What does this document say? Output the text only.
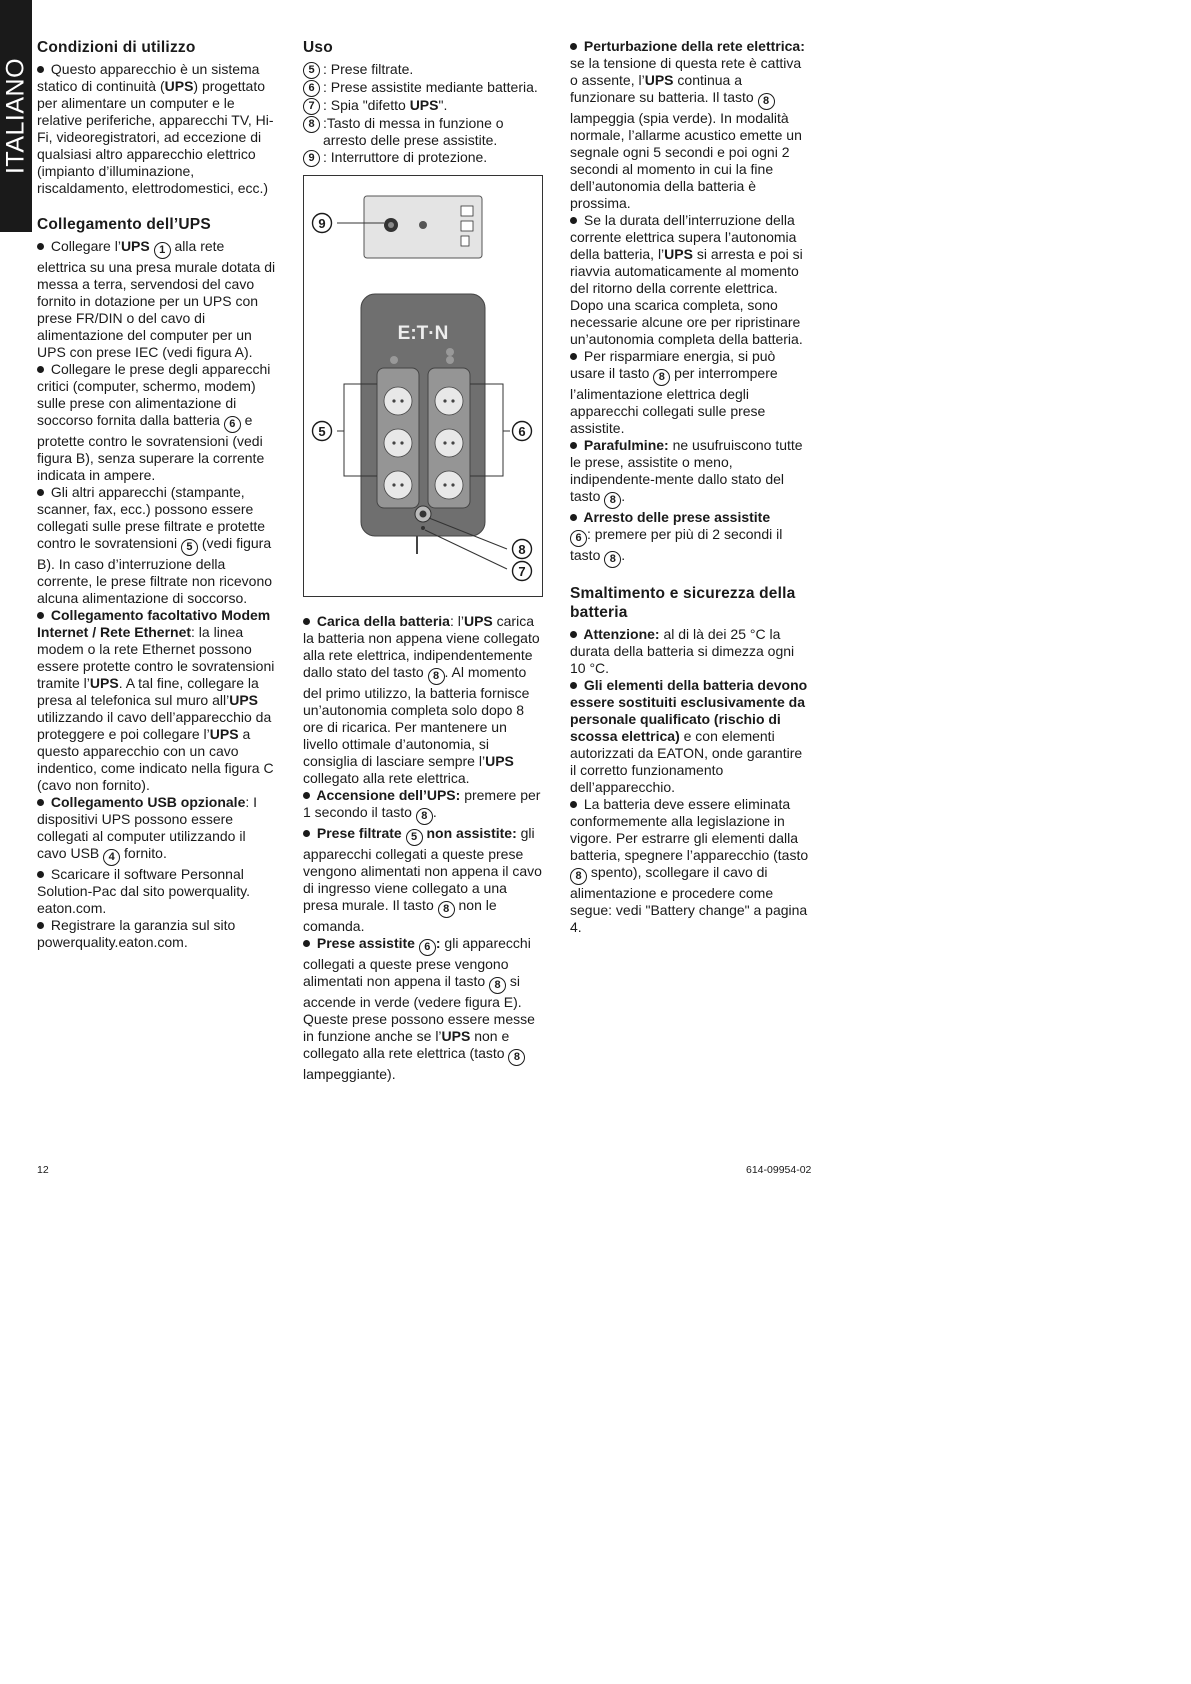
ITALIANO
Condizioni di utilizzo

Questo apparecchio è un sistema statico di continuità (UPS) progettato per alimentare un computer e le relative periferiche, apparecchi TV, Hi-Fi, videoregistratori, ad eccezione di qualsiasi altro apparecchio elettrico (impianto d’illuminazione, riscaldamento, elettrodomestici, ecc.)

Collegamento dell’UPS

Collegare l’UPS 1 alla rete elettrica su una presa murale dotata di messa a terra, servendosi del cavo fornito in dotazione per un UPS con prese FR/DIN o del cavo di alimentazione del computer per un UPS con prese IEC (vedi figura A).

Collegare le prese degli apparecchi critici (computer, schermo, modem) sulle prese con alimentazione di soccorso fornita dalla batteria 6 e protette contro le sovratensioni (vedi figura B), senza superare la corrente indicata in ampere.

Gli altri apparecchi (stampante, scanner, fax, ecc.) possono essere collegati sulle prese filtrate e protette contro le sovratensioni 5 (vedi figura B). In caso d’interruzione della corrente, le prese filtrate non ricevono alcuna alimentazione di soccorso.

Collegamento facoltativo Modem Internet / Rete Ethernet: la linea modem o la rete Ethernet possono essere protette contro le sovratensioni tramite l’UPS. A tal fine, collegare la presa al telefonica sul muro all’UPS utilizzando il cavo dell’apparecchio da proteggere e poi collegare l’UPS a questo apparecchio con un cavo indentico, come indicato nella figura C (cavo non fornito).

Collegamento USB opzionale: I dispositivi UPS possono essere collegati al computer utilizzando il cavo USB 4 fornito.

Scaricare il software Personnal Solution-Pac dal sito powerquality. eaton.com.

Registrare la garanzia sul sito powerquality.eaton.com.

Uso
5 : Prese filtrate.
6 : Prese assistite mediante batteria.
7 : Spia "difetto UPS".
8 :Tasto di messa in funzione o arresto delle prese assistite.
9 : Interruttore di protezione.
E:T·N
9
5	6
8
7

Carica della batteria: l’UPS carica la batteria non appena viene collegato alla rete elettrica, indipendentemente dallo stato del tasto 8 . Al momento del primo utilizzo, la batteria fornisce un’autonomia completa solo dopo 8 ore di ricarica. Per mantenere un livello ottimale d’autonomia, si consiglia di lasciare sempre l’UPS collegato alla rete elettrica.

Accensione dell’UPS: premere per 1 secondo il tasto 8 .

Prese filtrate 5 non assistite: gli apparecchi collegati a queste prese vengono alimentati non appena il cavo di ingresso viene collegato a una presa murale. Il tasto 8 non le comanda.

Prese assistite 6 : gli apparecchi collegati a queste prese vengono alimentati non appena il tasto 8 si accende in verde (vedere figura E). Queste prese possono essere messe in funzione anche se l’UPS non e collegato alla rete elettrica (tasto 8 lampeggiante).

Perturbazione della rete elettrica: se la tensione di questa rete è cattiva o assente, l’UPS continua a funzionare su batteria. Il tasto 8 lampeggia (spia verde). In modalità normale, l’allarme acustico emette un segnale ogni 5 secondi e poi ogni 2 secondi al momento in cui la fine dell’autonomia della batteria è prossima.

Se la durata dell’interruzione della corrente elettrica supera l’autonomia della batteria, l’UPS si arresta e poi si riavvia automaticamente al momento del ritorno della corrente elettrica. Dopo una scarica completa, sono necessarie alcune ore per ripristinare un’autonomia completa della batteria.

Per risparmiare energia, si può usare il tasto 8 per interrompere l’alimentazione elettrica degli apparecchi collegati sulle prese assistite.

Parafulmine: ne usufruiscono tutte le prese, assistite o meno, indipendente-mente dallo stato del tasto 8 .

Arresto delle prese assistite
6 : premere per più di 2 secondi il tasto 8 .

Smaltimento e sicurezza della batteria

Attenzione: al di là dei 25 °C la durata della batteria si dimezza ogni 10 °C.

Gli elementi della batteria devono essere sostituiti esclusivamente da personale qualificato (rischio di scossa elettrica) e con elementi autorizzati da EATON, onde garantire il corretto funzionamento dell’apparecchio.

La batteria deve essere eliminata conformemente alla legislazione in vigore. Per estrarre gli elementi dalla batteria, spegnere l’apparecchio (tasto 8 spento), scollegare il cavo di alimentazione e procedere come segue: vedi "Battery change" a pagina 4.

12	614-09954-02
